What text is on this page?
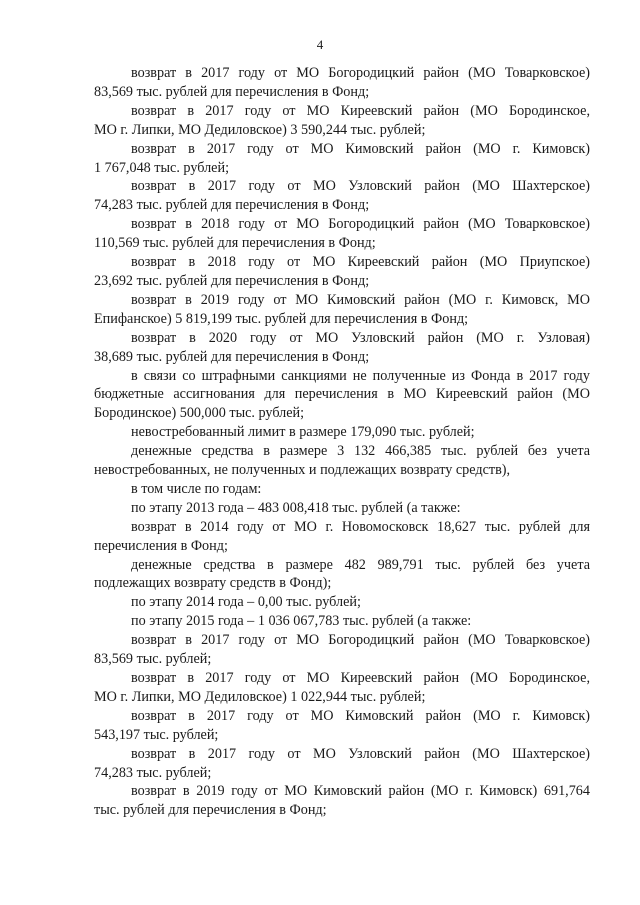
4
возврат в 2017 году от МО Богородицкий район (МО Товарковское)
83,569 тыс. рублей для перечисления в Фонд;
возврат в 2017 году от МО Киреевский район (МО Бородинское,
МО г. Липки, МО Дедиловское) 3 590,244 тыс. рублей;
возврат в 2017 году от МО Кимовский район (МО г. Кимовск)
1 767,048 тыс. рублей;
возврат в 2017 году от МО Узловский район (МО Шахтерское)
74,283 тыс. рублей для перечисления в Фонд;
возврат в 2018 году от МО Богородицкий район (МО Товарковское)
110,569 тыс. рублей для перечисления в Фонд;
возврат в 2018 году от МО Киреевский район (МО Приупское)
23,692 тыс. рублей для перечисления в Фонд;
возврат в 2019 году от МО Кимовский район (МО г. Кимовск, МО
Епифанское) 5 819,199 тыс. рублей для перечисления в Фонд;
возврат в 2020 году от МО Узловский район (МО г. Узловая)
38,689 тыс. рублей для перечисления в Фонд;
в связи со штрафными санкциями не полученные из Фонда в 2017 году
бюджетные ассигнования для перечисления в МО Киреевский район (МО
Бородинское) 500,000 тыс. рублей;
невостребованный лимит в размере 179,090 тыс. рублей;
денежные средства в размере 3 132 466,385 тыс. рублей без учета
невостребованных, не полученных и подлежащих возврату средств),
в том числе по годам:
по этапу 2013 года – 483 008,418 тыс. рублей (а также:
возврат в 2014 году от МО г. Новомосковск 18,627 тыс. рублей для
перечисления в Фонд;
денежные средства в размере 482 989,791 тыс. рублей без учета
подлежащих возврату средств в Фонд);
по этапу 2014 года – 0,00 тыс. рублей;
по этапу 2015 года – 1 036 067,783 тыс. рублей (а также:
возврат в 2017 году от МО Богородицкий район (МО Товарковское)
83,569 тыс. рублей;
возврат в 2017 году от МО Киреевский район (МО Бородинское,
МО г. Липки, МО Дедиловское) 1 022,944 тыс. рублей;
возврат в 2017 году от МО Кимовский район (МО г. Кимовск)
543,197 тыс. рублей;
возврат в 2017 году от МО Узловский район (МО Шахтерское)
74,283 тыс. рублей;
возврат в 2019 году от МО Кимовский район (МО г. Кимовск) 691,764
тыс. рублей для перечисления в Фонд;
